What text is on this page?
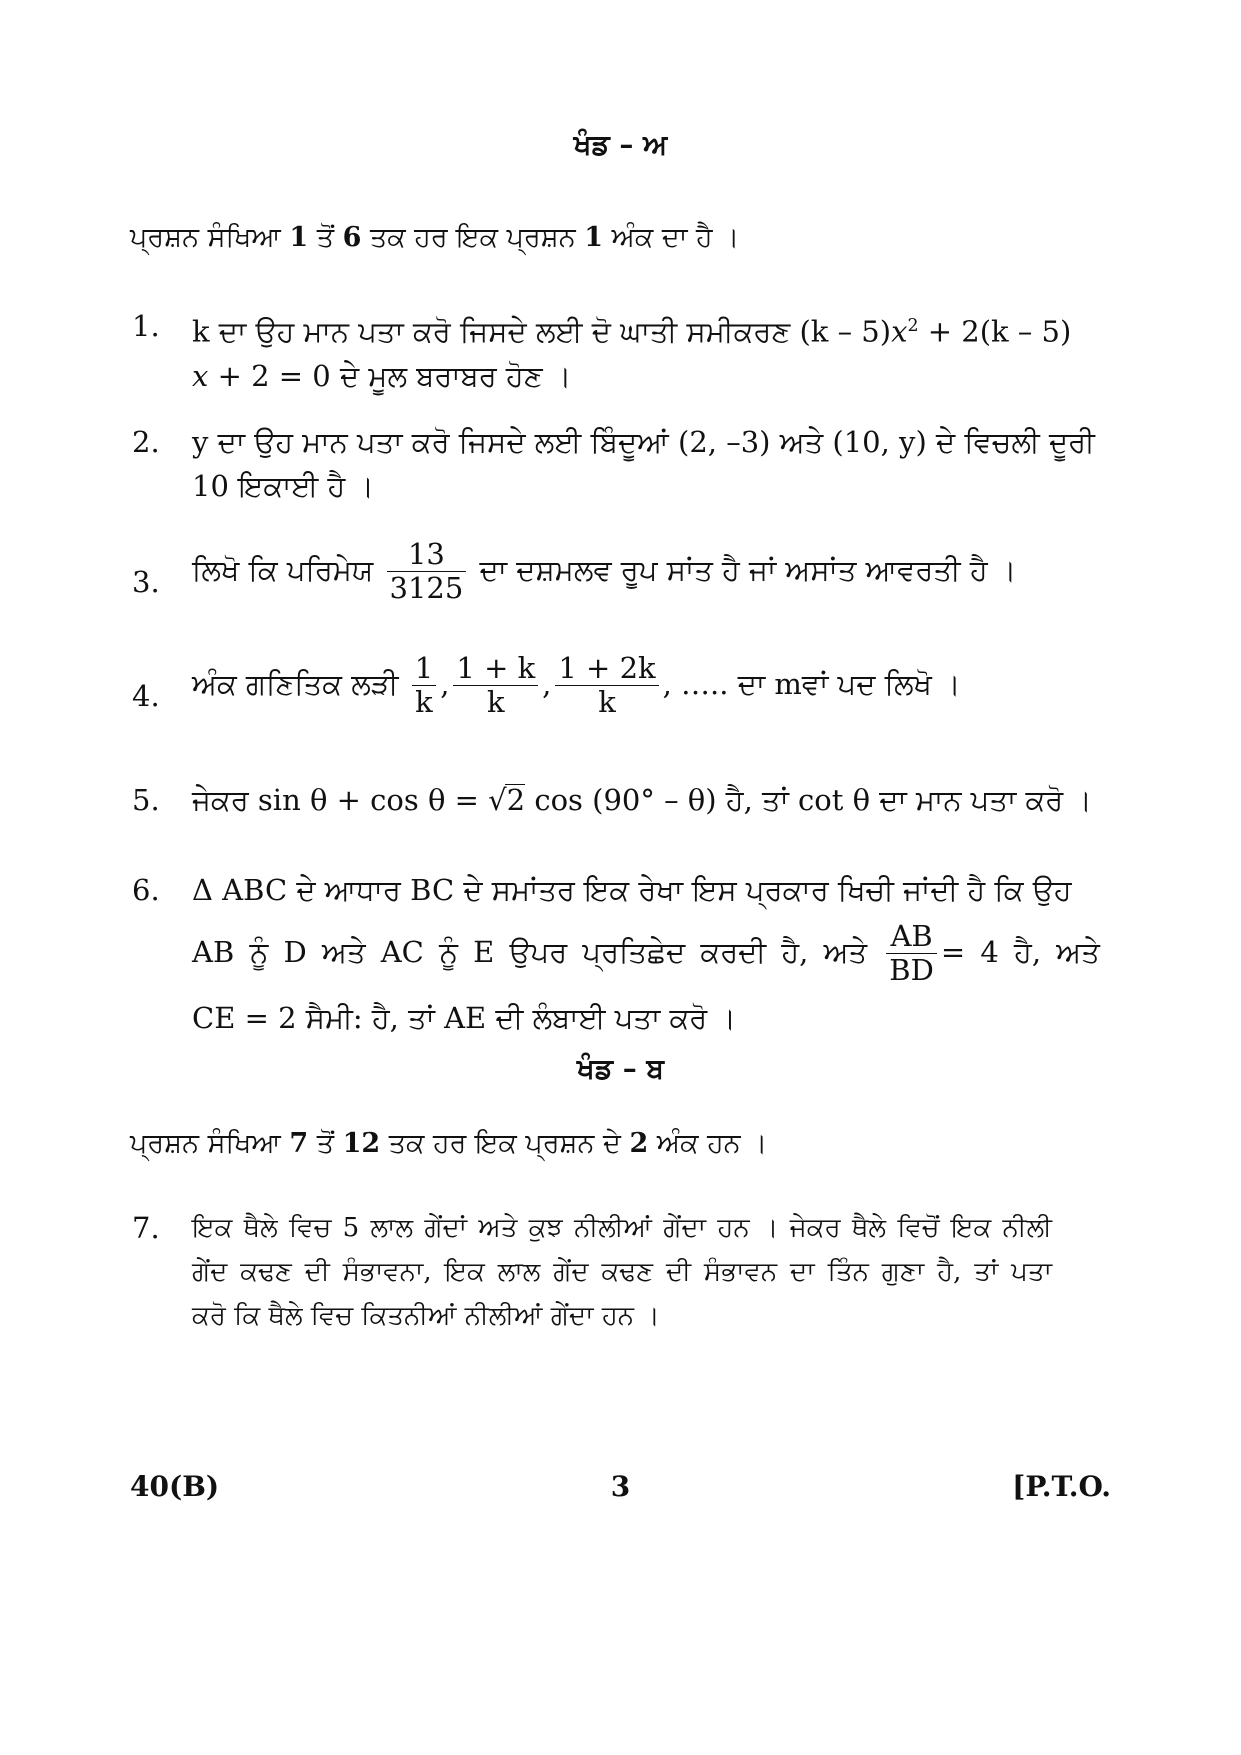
ਖੰਡ – ਅ
ਪ੍ਰਸ਼ਨ ਸੰਖਿਆ 1 ਤੋਂ 6 ਤਕ ਹਰ ਇਕ ਪ੍ਰਸ਼ਨ 1 ਅੰਕ ਦਾ ਹੈ ।
1.	k ਦਾ ਉਹ ਮਾਨ ਪਤਾ ਕਰੋ ਜਿਸਦੇ ਲਈ ਦੋ ਘਾਤੀ ਸਮੀਕਰਣ $(k - 5)x^2 + 2(k - 5)$
x + 2 = 0 ਦੇ ਮੂਲ ਬਰਾਬਰ ਹੋਣ ।
2.	y ਦਾ ਉਹ ਮਾਨ ਪਤਾ ਕਰੋ ਜਿਸਦੇ ਲਈ ਬਿੰਦੂਆਂ (2, –3) ਅਤੇ (10, y) ਦੇ ਵਿਚਲੀ ਦੂਰੀ
10 ਇਕਾਈ ਹੈ ।
3.	ਲਿਖੋ ਕਿ ਪਰਿਮੇਯ $\frac{13}{3125}$ ਦਾ ਦਸ਼ਮਲਵ ਰੂਪ ਸਾਂਤ ਹੈ ਜਾਂ ਅਸਾਂਤ ਆਵਰਤੀ ਹੈ ।
4.	ਅੰਕ ਗਣਿਤਿਕ ਲੜੀ $\frac{1}{k}$ , $\frac{1 + k}{k}$ , $\frac{1 + 2k}{k}$ , ….. ਦਾ mਵਾਂ ਪਦ ਲਿਖੋ ।
5.	ਜੇਕਰ sin θ + cos θ = √2 cos (90° – θ) ਹੈ, ਤਾਂ cot θ ਦਾ ਮਾਨ ਪਤਾ ਕਰੋ ।
6.	Δ ABC ਦੇ ਆਧਾਰ BC ਦੇ ਸਮਾਂਤਰ ਇਕ ਰੇਖਾ ਇਸ ਪ੍ਰਕਾਰ ਖਿਚੀ ਜਾਂਦੀ ਹੈ ਕਿ ਉਹ
AB ਨੂੰ D ਅਤੇ AC ਨੂੰ E ਉਪਰ ਪ੍ਰਤਿਛੇਦ ਕਰਦੀ ਹੈ, ਅਤੇ $\frac{AB}{BD} = 4$ ਹੈ, ਅਤੇ
CE = 2 ਸੈਮੀ: ਹੈ, ਤਾਂ AE ਦੀ ਲੰਬਾਈ ਪਤਾ ਕਰੋ ।
ਖੰਡ – ਬ
ਪ੍ਰਸ਼ਨ ਸੰਖਿਆ 7 ਤੋਂ 12 ਤਕ ਹਰ ਇਕ ਪ੍ਰਸ਼ਨ ਦੇ 2 ਅੰਕ ਹਨ ।
7.	ਇਕ ਥੈਲੇ ਵਿਚ 5 ਲਾਲ ਗੇਂਦਾਂ ਅਤੇ ਕੁਝ ਨੀਲੀਆਂ ਗੇਂਦਾ ਹਨ । ਜੇਕਰ ਥੈਲੇ ਵਿਚੋਂ ਇਕ ਨੀਲੀ
ਗੇਂਦ ਕਢਣ ਦੀ ਸੰਭਾਵਨਾ, ਇਕ ਲਾਲ ਗੇਂਦ ਕਢਣ ਦੀ ਸੰਭਾਵਨ ਦਾ ਤਿੰਨ ਗੁਣਾ ਹੈ, ਤਾਂ ਪਤਾ
ਕਰੋ ਕਿ ਥੈਲੇ ਵਿਚ ਕਿਤਨੀਆਂ ਨੀਲੀਆਂ ਗੇਂਦਾ ਹਨ ।
40(B)	3	[P.T.O.
